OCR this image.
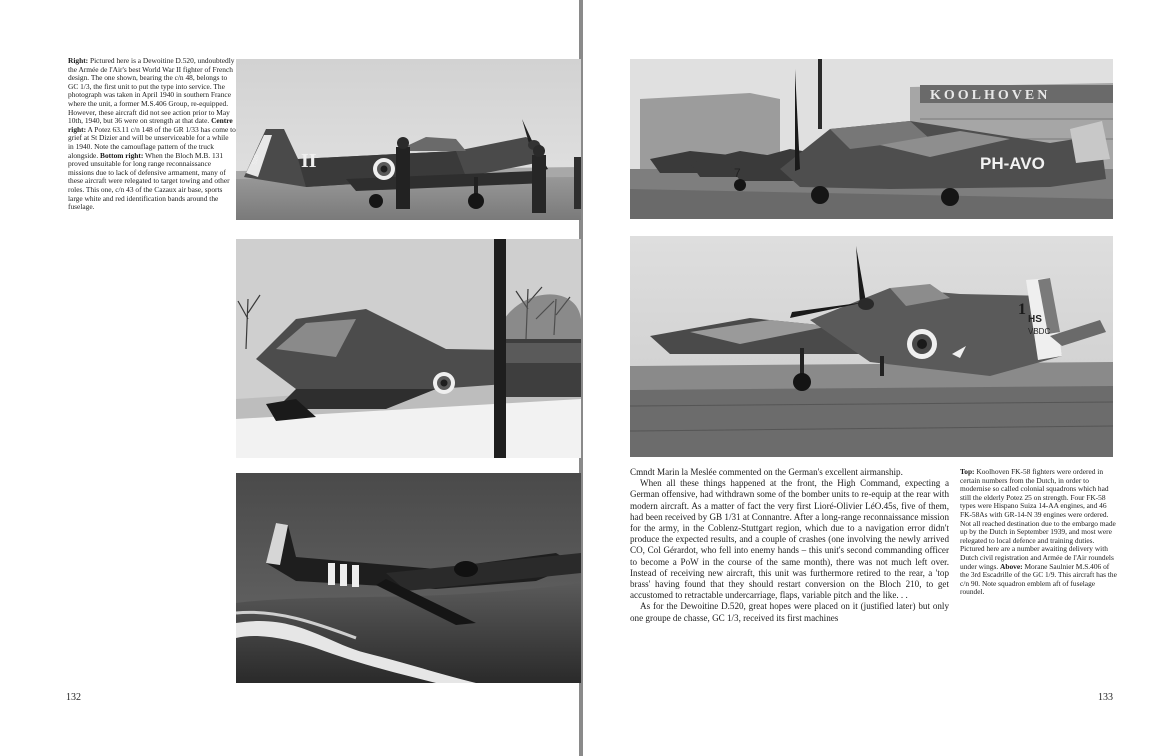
Right: Pictured here is a Dewoitine D.520, undoubtedly the Armée de l'Air's best World War II fighter of French design. The one shown, bearing the c/n 48, belongs to GC 1/3, the first unit to put the type into service. The photograph was taken in April 1940 in southern France where the unit, a former M.S.406 Group, re-equipped. However, these aircraft did not see action prior to May 10th, 1940, but 36 were on strength at that date. Centre right: A Potez 63.11 c/n 148 of the GR 1/33 has come to grief at St Dizier and will be unserviceable for a while in 1940. Note the camouflage pattern of the truck alongside. Bottom right: When the Bloch M.B. 131 proved unsuitable for long range reconnaissance missions due to lack of defensive armament, many of these aircraft were relegated to target towing and other roles. This one, c/n 43 of the Cazaux air base, sports large white and red identification bands around the fuselage.

II
520
132
KOOLHOVEN
PH-AVO
7
HS
VBDC
1

Cmndt Marin la Meslée commented on the German's excellent airmanship.

When all these things happened at the front, the High Command, expecting a German offensive, had withdrawn some of the bomber units to re-equip at the rear with modern aircraft. As a matter of fact the very first Lioré-Olivier LéO.45s, five of them, had been received by GB 1/31 at Connantre. After a long-range reconnaissance mission for the army, in the Coblenz-Stuttgart region, which due to a navigation error didn't produce the expected results, and a couple of crashes (one involving the newly arrived CO, Col Gérardot, who fell into enemy hands – this unit's second commanding officer to become a PoW in the course of the same month), there was not much left over. Instead of receiving new aircraft, this unit was furthermore retired to the rear, a 'top brass' having found that they should restart conversion on the Bloch 210, to get accustomed to retractable undercarriage, flaps, variable pitch and the like. . .

As for the Dewoitine D.520, great hopes were placed on it (justified later) but only one groupe de chasse, GC 1/3, received its first machines

Top: Koolhoven FK-58 fighters were ordered in certain numbers from the Dutch, in order to modernise so called colonial squadrons which had still the elderly Potez 25 on strength. Four FK-58 types were Hispano Suiza 14-AA engines, and 46 FK-58As with GR-14-N 39 engines were ordered. Not all reached destination due to the embargo made up by the Dutch in September 1939, and most were relegated to local defence and training duties. Pictured here are a number awaiting delivery with Dutch civil registration and Armée de l'Air roundels under wings. Above: Morane Saulnier M.S.406 of the 3rd Escadrille of the GC 1/9. This aircraft has the c/n 90. Note squadron emblem aft of fuselage roundel.

133
